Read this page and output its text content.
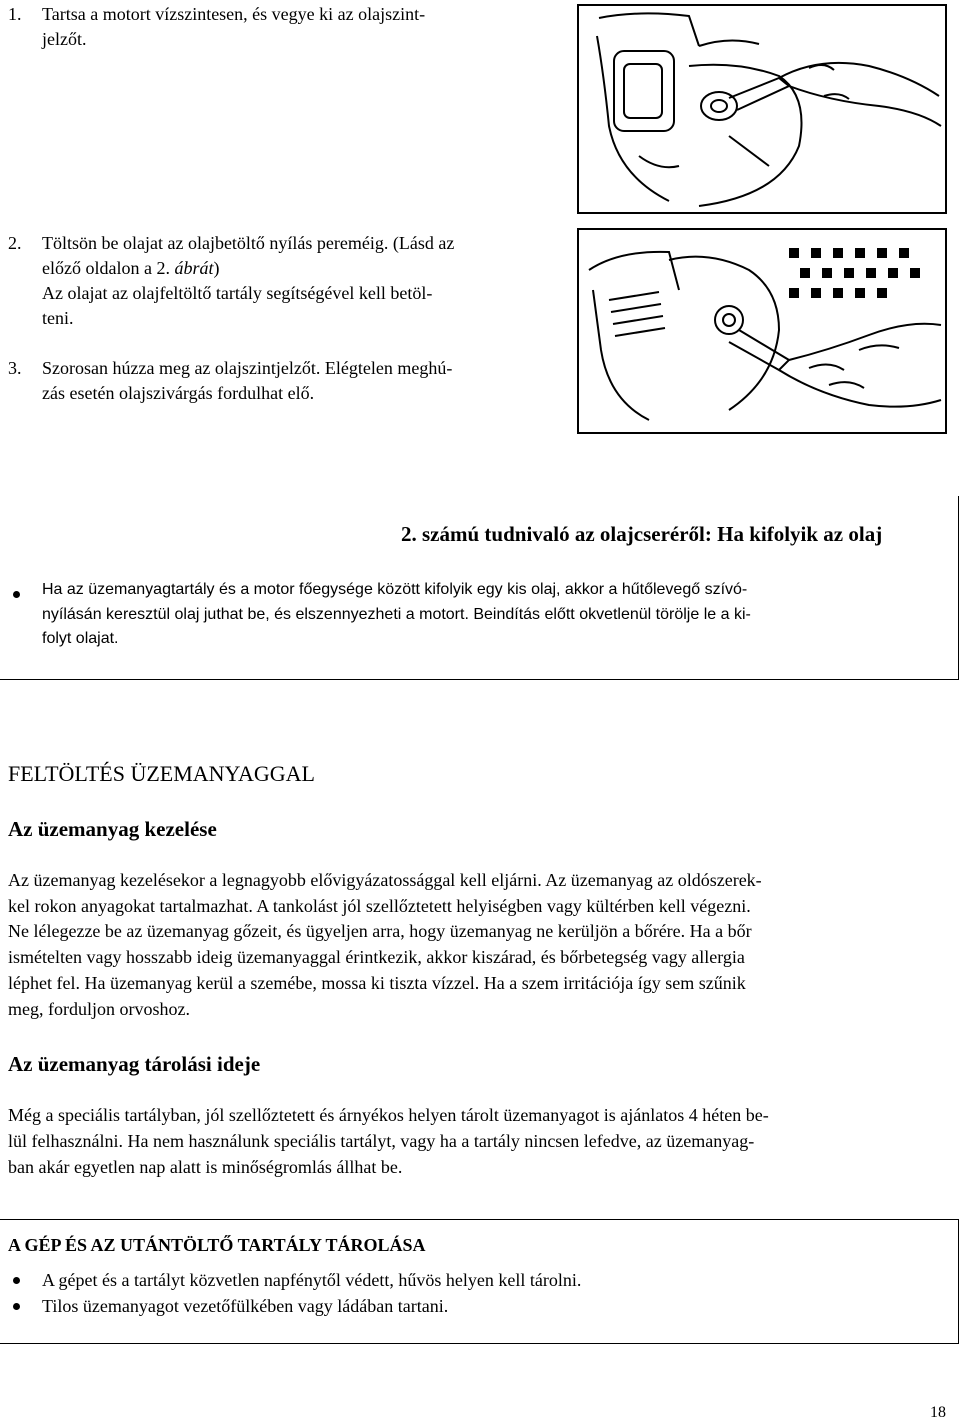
1. Tartsa a motort vízszintesen, és vegye ki az olajszint-
jelzőt.
2. Töltsön be olajat az olajbetöltő nyílás pereméig. (Lásd az
előző oldalon a 2. ábrát)
Az olajat az olajfeltöltő tartály segítségével kell betöl-
teni.
3. Szorosan húzza meg az olajszintjelzőt. Elégtelen meghú-
zás esetén olajszivárgás fordulhat elő.
2. számú tudnivaló az olajcseréről: Ha kifolyik az olaj
Ha az üzemanyagtartály és a motor főegysége között kifolyik egy kis olaj, akkor a hűtőlevegő szívó-
nyílásán keresztül olaj juthat be, és elszennyezheti a motort. Beindítás előtt okvetlenül törölje le a ki-
folyt olajat.
FELTÖLTÉS ÜZEMANYAGGAL
Az üzemanyag kezelése
Az üzemanyag kezelésekor a legnagyobb elővigyázatossággal kell eljárni. Az üzemanyag az oldószerek-
kel rokon anyagokat tartalmazhat. A tankolást jól szellőztetett helyiségben vagy kültérben kell végezni.
Ne lélegezze be az üzemanyag gőzeit, és ügyeljen arra, hogy üzemanyag ne kerüljön a bőrére. Ha a bőr
ismételten vagy hosszabb ideig üzemanyaggal érintkezik, akkor kiszárad, és bőrbetegség vagy allergia
léphet fel. Ha üzemanyag kerül a szemébe, mossa ki tiszta vízzel. Ha a szem irritációja így sem szűnik
meg, forduljon orvoshoz.
Az üzemanyag tárolási ideje
Még a speciális tartályban, jól szellőztetett és árnyékos helyen tárolt üzemanyagot is ajánlatos 4 héten be-
lül felhasználni. Ha nem használunk speciális tartályt, vagy ha a tartály nincsen lefedve, az üzemanyag-
ban akár egyetlen nap alatt is minőségromlás állhat be.
A GÉP ÉS AZ UTÁNTÖLTŐ TARTÁLY TÁROLÁSA
A gépet és a tartályt közvetlen napfénytől védett, hűvös helyen kell tárolni.
Tilos üzemanyagot vezetőfülkében vagy ládában tartani.
18
